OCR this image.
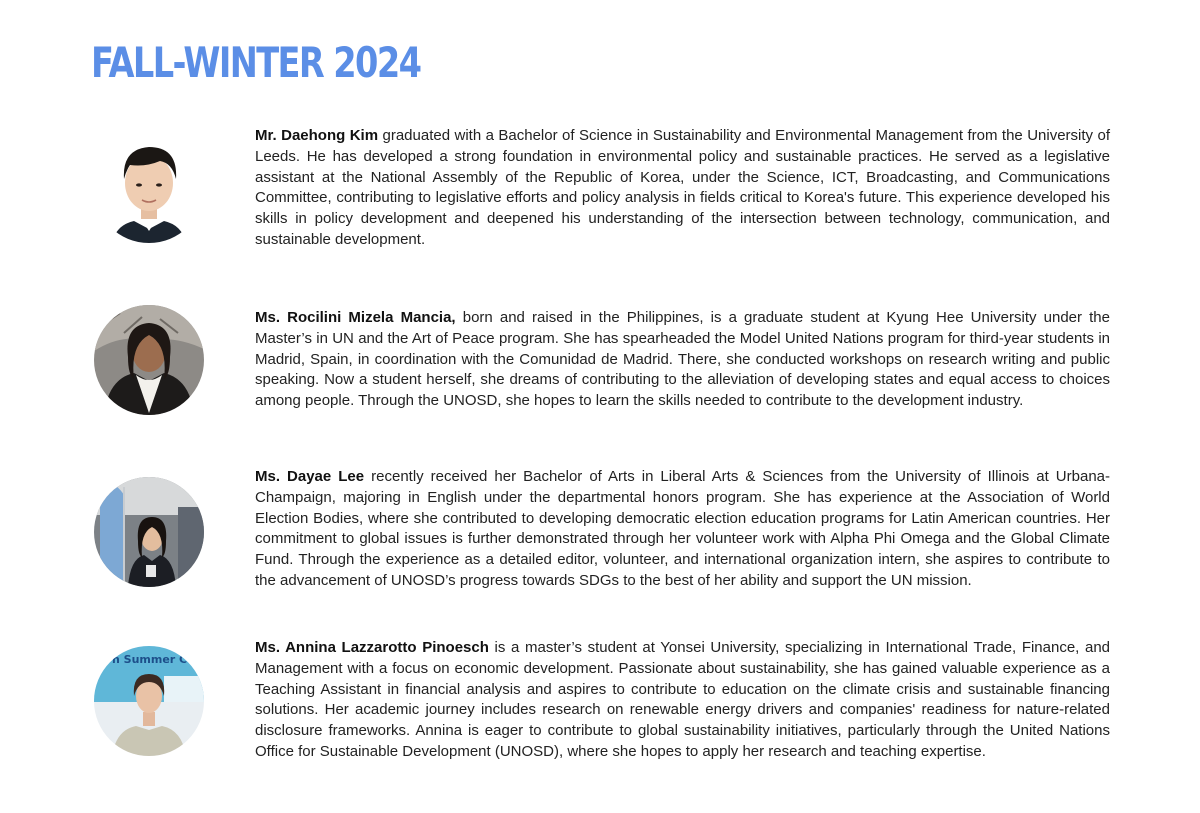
FALL-WINTER 2024

Mr. Daehong Kim graduated with a Bachelor of Science in Sustainability and Environmental Management from the University of Leeds. He has developed a strong foundation in environmental policy and sustainable practices. He served as a legislative assistant at the National Assembly of the Republic of Korea, under the Science, ICT, Broadcasting, and Communications Committee, contributing to legislative efforts and policy analysis in fields critical to Korea's future. This experience developed his skills in policy development and deepened his understanding of the intersection between technology, communication, and sustainable development.

Ms. Rocilini Mizela Mancia, born and raised in the Philippines, is a graduate student at Kyung Hee University under the Master’s in UN and the Art of Peace program. She has spearheaded the Model United Nations program for third-year students in Madrid, Spain, in coordination with the Comunidad de Madrid. There, she conducted workshops on research writing and public speaking. Now a student herself, she dreams of contributing to the alleviation of developing states and equal access to choices among people. Through the UNOSD, she hopes to learn the skills needed to contribute to the development industry.

Ms. Dayae Lee recently received her Bachelor of Arts in Liberal Arts & Sciences from the University of Illinois at Urbana-Champaign, majoring in English under the departmental honors program. She has experience at the Association of World Election Bodies, where she contributed to developing democratic election education programs for Latin American countries. Her commitment to global issues is further demonstrated through her volunteer work with Alpha Phi Omega and the Global Climate Fund. Through the experience as a detailed editor, volunteer, and international organization intern, she aspires to contribute to the advancement of UNOSD’s progress towards SDGs to the best of her ability and support the UN mission.

n Summer C

Ms. Annina Lazzarotto Pinoesch is a master’s student at Yonsei University, specializing in International Trade, Finance, and Management with a focus on economic development. Passionate about sustainability, she has gained valuable experience as a Teaching Assistant in financial analysis and aspires to contribute to education on the climate crisis and sustainable financing solutions. Her academic journey includes research on renewable energy drivers and companies' readiness for nature-related disclosure frameworks. Annina is eager to contribute to global sustainability initiatives, particularly through the United Nations Office for Sustainable Development (UNOSD), where she hopes to apply her research and teaching expertise.
